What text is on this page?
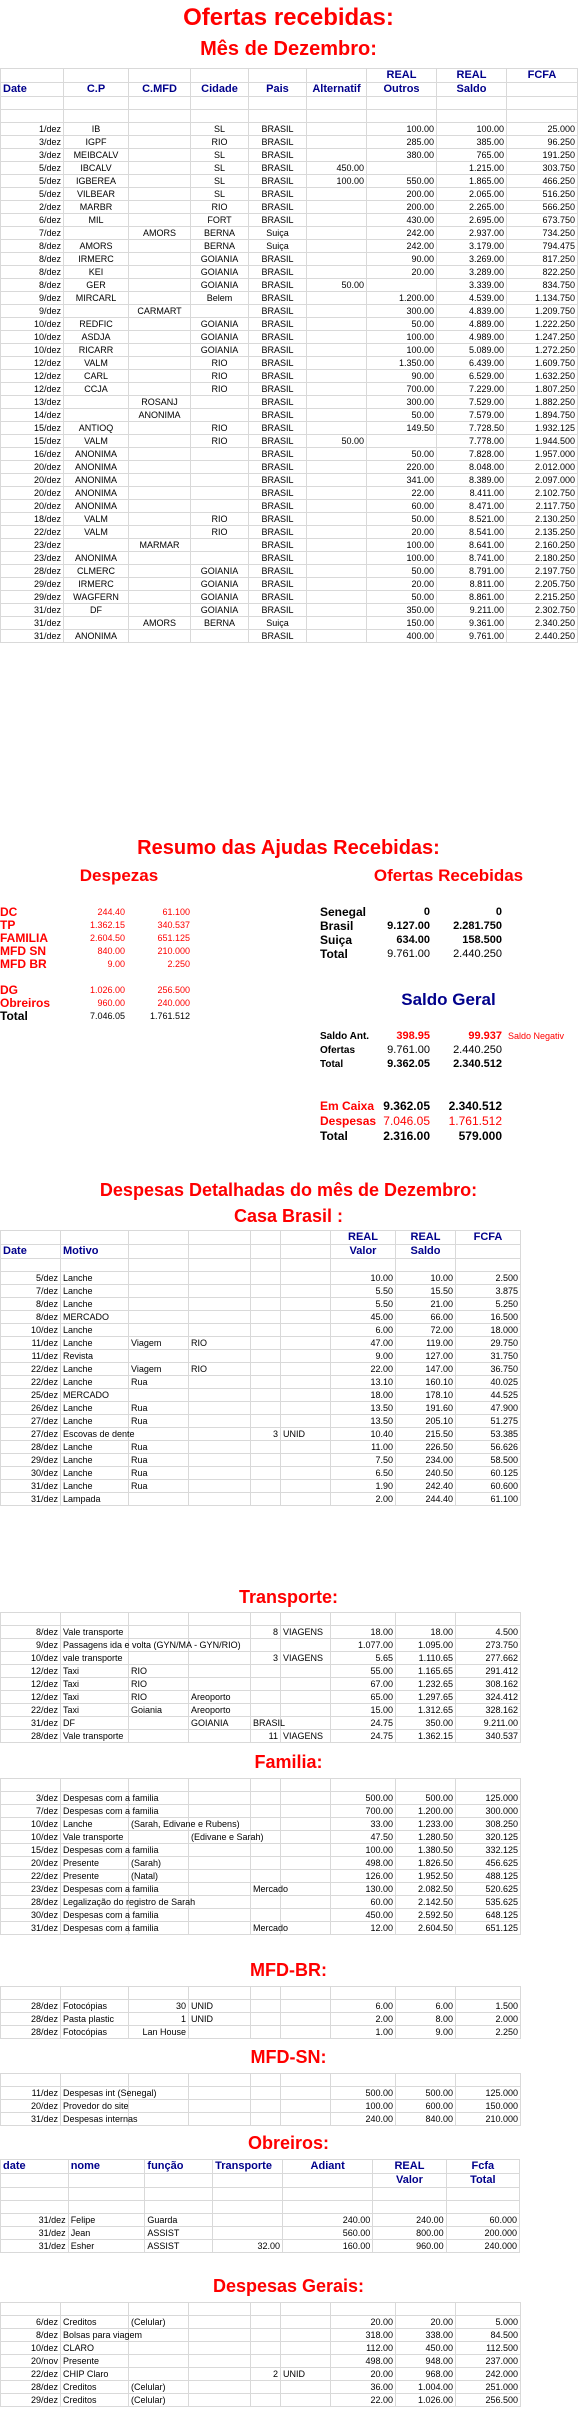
Ofertas recebidas:
Mês de Dezembro:
						REAL	REAL	FCFA
Date	C.P	C.MFD	Cidade	Pais	Alternatif	Outros	Saldo	

1/dez	IB		SL	BRASIL		100.00	100.00	25.000
3/dez	IGPF		RIO	BRASIL		285.00	385.00	96.250
3/dez	MEIBCALV		SL	BRASIL		380.00	765.00	191.250
5/dez	IBCALV		SL	BRASIL	450.00		1.215.00	303.750
5/dez	IGBEREA		SL	BRASIL	100.00	550.00	1.865.00	466.250
5/dez	VILBEAR		SL	BRASIL		200.00	2.065.00	516.250
2/dez	MARBR		RIO	BRASIL		200.00	2.265.00	566.250
6/dez	MIL		FORT	BRASIL		430.00	2.695.00	673.750
7/dez		AMORS	BERNA	Suiça		242.00	2.937.00	734.250
8/dez	AMORS		BERNA	Suiça		242.00	3.179.00	794.475
8/dez	IRMERC		GOIANIA	BRASIL		90.00	3.269.00	817.250
8/dez	KEI		GOIANIA	BRASIL		20.00	3.289.00	822.250
8/dez	GER		GOIANIA	BRASIL	50.00		3.339.00	834.750
9/dez	MIRCARL		Belem	BRASIL		1.200.00	4.539.00	1.134.750
9/dez		CARMART		BRASIL		300.00	4.839.00	1.209.750
10/dez	REDFIC		GOIANIA	BRASIL		50.00	4.889.00	1.222.250
10/dez	ASDJA		GOIANIA	BRASIL		100.00	4.989.00	1.247.250
10/dez	RICARR		GOIANIA	BRASIL		100.00	5.089.00	1.272.250
12/dez	VALM		RIO	BRASIL		1.350.00	6.439.00	1.609.750
12/dez	CARL		RIO	BRASIL		90.00	6.529.00	1.632.250
12/dez	CCJA		RIO	BRASIL		700.00	7.229.00	1.807.250
13/dez		ROSANJ		BRASIL		300.00	7.529.00	1.882.250
14/dez		ANONIMA		BRASIL		50.00	7.579.00	1.894.750
15/dez	ANTIOQ		RIO	BRASIL		149.50	7.728.50	1.932.125
15/dez	VALM		RIO	BRASIL	50.00		7.778.00	1.944.500
16/dez	ANONIMA			BRASIL		50.00	7.828.00	1.957.000
20/dez	ANONIMA			BRASIL		220.00	8.048.00	2.012.000
20/dez	ANONIMA			BRASIL		341.00	8.389.00	2.097.000
20/dez	ANONIMA			BRASIL		22.00	8.411.00	2.102.750
20/dez	ANONIMA			BRASIL		60.00	8.471.00	2.117.750
18/dez	VALM		RIO	BRASIL		50.00	8.521.00	2.130.250
22/dez	VALM		RIO	BRASIL		20.00	8.541.00	2.135.250
23/dez		MARMAR		BRASIL		100.00	8.641.00	2.160.250
23/dez	ANONIMA			BRASIL		100.00	8.741.00	2.180.250
28/dez	CLMERC		GOIANIA	BRASIL		50.00	8.791.00	2.197.750
29/dez	IRMERC		GOIANIA	BRASIL		20.00	8.811.00	2.205.750
29/dez	WAGFERN		GOIANIA	BRASIL		50.00	8.861.00	2.215.250
31/dez	DF		GOIANIA	BRASIL		350.00	9.211.00	2.302.750
31/dez		AMORS	BERNA	Suiça		150.00	9.361.00	2.340.250
31/dez	ANONIMA			BRASIL		400.00	9.761.00	2.440.250
Resumo das Ajudas Recebidas:
Despezas	Ofertas Recebidas
DC	244.40	61.100
TP	1.362.15	340.537
FAMILIA	2.604.50	651.125
MFD SN	840.00	210.000
MFD BR	9.00	2.250
DG	1.026.00	256.500
Obreiros	960.00	240.000
Total	7.046.05	1.761.512
Senegal	0	0
Brasil	9.127.00	2.281.750
Suiça	634.00	158.500
Total	9.761.00	2.440.250
Saldo Geral
Saldo Ant.	398.95	99.937 Saldo Negativ
Ofertas	9.761.00	2.440.250
Total	9.362.05	2.340.512
Em Caixa 9.362.05	2.340.512
Despesas 7.046.05	1.761.512
Total	2.316.00	579.000
Despesas Detalhadas do mês de Dezembro:
Casa Brasil :
						REAL	REAL	FCFA
Date	Motivo					Valor	Saldo	

5/dez	Lanche					10.00	10.00	2.500
7/dez	Lanche					5.50	15.50	3.875
8/dez	Lanche					5.50	21.00	5.250
8/dez	MERCADO					45.00	66.00	16.500
10/dez	Lanche					6.00	72.00	18.000
11/dez	Lanche	Viagem	RIO			47.00	119.00	29.750
11/dez	Revista					9.00	127.00	31.750
22/dez	Lanche	Viagem	RIO			22.00	147.00	36.750
22/dez	Lanche	Rua				13.10	160.10	40.025
25/dez	MERCADO					18.00	178.10	44.525
26/dez	Lanche	Rua				13.50	191.60	47.900
27/dez	Lanche	Rua				13.50	205.10	51.275
27/dez	Escovas de dente			3	UNID	10.40	215.50	53.385
28/dez	Lanche	Rua				11.00	226.50	56.626
29/dez	Lanche	Rua				7.50	234.00	58.500
30/dez	Lanche	Rua				6.50	240.50	60.125
31/dez	Lanche	Rua				1.90	242.40	60.600
31/dez	Lampada					2.00	244.40	61.100
Transporte:

8/dez	Vale transporte			8	VIAGENS	18.00	18.00	4.500
9/dez	Passagens ida e volta (GYN/MA - GYN/RIO)					1.077.00	1.095.00	273.750
10/dez	vale transporte			3	VIAGENS	5.65	1.110.65	277.662
12/dez	Taxi	RIO				55.00	1.165.65	291.412
12/dez	Taxi	RIO				67.00	1.232.65	308.162
12/dez	Taxi	RIO	Areoporto			65.00	1.297.65	324.412
22/dez	Taxi	Goiania	Areoporto			15.00	1.312.65	328.162
31/dez	DF		GOIANIA	BRASIL		24.75	350.00	9.211.00
28/dez	Vale transporte			11	VIAGENS	24.75	1.362.15	340.537
Familia:

3/dez	Despesas com a familia					500.00	500.00	125.000
7/dez	Despesas com a familia					700.00	1.200.00	300.000
10/dez	Lanche	(Sarah, Edivane e Rubens)				33.00	1.233.00	308.250
10/dez	Vale transporte		(Edivane e Sarah)			47.50	1.280.50	320.125
15/dez	Despesas com a familia					100.00	1.380.50	332.125
20/dez	Presente	(Sarah)				498.00	1.826.50	456.625
22/dez	Presente	(Natal)				126.00	1.952.50	488.125
23/dez	Despesas com a familia			Mercado		130.00	2.082.50	520.625
28/dez	Legalização do registro de Sarah					60.00	2.142.50	535.625
30/dez	Despesas com a familia					450.00	2.592.50	648.125
31/dez	Despesas com a familia			Mercado		12.00	2.604.50	651.125
MFD-BR:

28/dez	Fotocópias	30	UNID			6.00	6.00	1.500
28/dez	Pasta plastic	1	UNID			2.00	8.00	2.000
28/dez	Fotocópias	Lan House				1.00	9.00	2.250
MFD-SN:

11/dez	Despesas int (Senegal)					500.00	500.00	125.000
20/dez	Provedor do site					100.00	600.00	150.000
31/dez	Despesas internas					240.00	840.00	210.000
Obreiros:
date	nome	função	Transporte	Adiant	REAL	Fcfa
					Valor	Total

31/dez	Felipe	Guarda		240.00	240.00	60.000
31/dez	Jean	ASSIST		560.00	800.00	200.000
31/dez	Esher	ASSIST	32.00	160.00	960.00	240.000
Despesas Gerais:

6/dez	Creditos	(Celular)				20.00	20.00	5.000
8/dez	Bolsas para viagem					318.00	338.00	84.500
10/dez	CLARO					112.00	450.00	112.500
20/nov	Presente					498.00	948.00	237.000
22/dez	CHIP Claro			2	UNID	20.00	968.00	242.000
28/dez	Creditos	(Celular)				36.00	1.004.00	251.000
29/dez	Creditos	(Celular)				22.00	1.026.00	256.500
